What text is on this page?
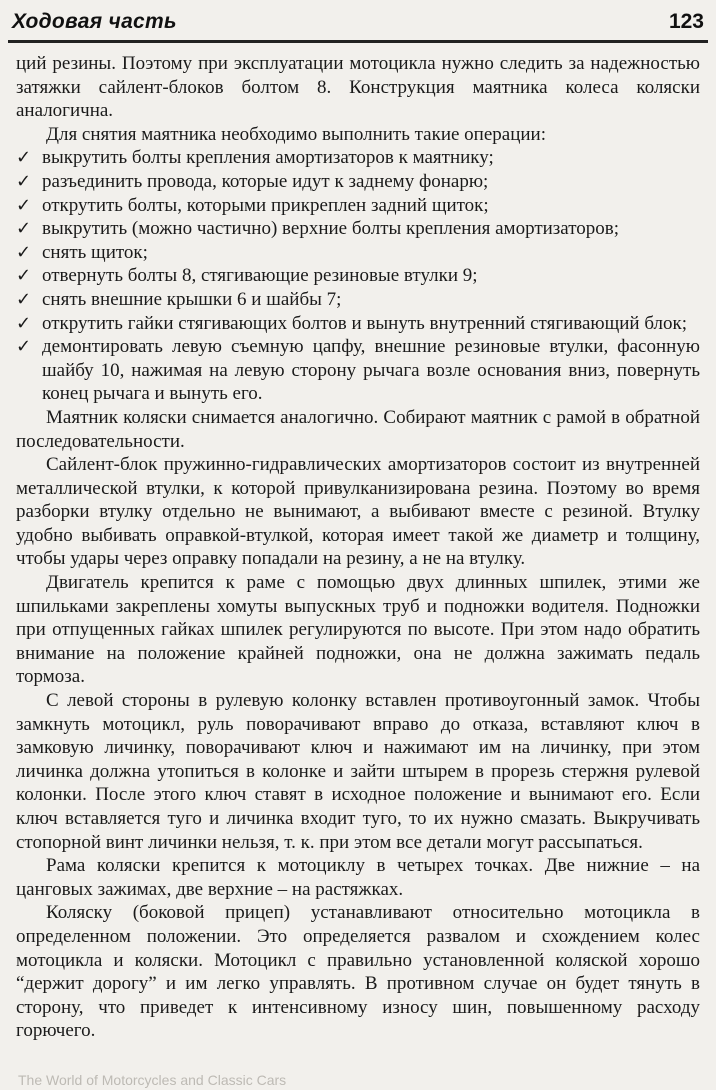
Ходовая часть	123

ций резины. Поэтому при эксплуатации мотоцикла нужно следить за надежностью затяжки сайлент-блоков болтом 8. Конструкция маятника колеса коляски аналогична.

Для снятия маятника необходимо выполнить такие операции:

✓ выкрутить болты крепления амортизаторов к маятнику;
✓ разъединить провода, которые идут к заднему фонарю;
✓ открутить болты, которыми прикреплен задний щиток;
✓ выкрутить (можно частично) верхние болты крепления амортизаторов;
✓ снять щиток;
✓ отвернуть болты 8, стягивающие резиновые втулки 9;
✓ снять внешние крышки 6 и шайбы 7;
✓ открутить гайки стягивающих болтов и вынуть внутренний стягивающий блок;
✓ демонтировать левую съемную цапфу, внешние резиновые втулки, фасонную шайбу 10, нажимая на левую сторону рычага возле основания вниз, повернуть конец рычага и вынуть его.

Маятник коляски снимается аналогично. Собирают маятник с рамой в обратной последовательности.

Сайлент-блок пружинно-гидравлических амортизаторов состоит из внутренней металлической втулки, к которой привулканизирована резина. Поэтому во время разборки втулку отдельно не вынимают, а выбивают вместе с резиной. Втулку удобно выбивать оправкой-втулкой, которая имеет такой же диаметр и толщину, чтобы удары через оправку попадали на резину, а не на втулку.

Двигатель крепится к раме с помощью двух длинных шпилек, этими же шпильками закреплены хомуты выпускных труб и подножки водителя. Подножки при отпущенных гайках шпилек регулируются по высоте. При этом надо обратить внимание на положение крайней подножки, она не должна зажимать педаль тормоза.

С левой стороны в рулевую колонку вставлен противоугонный замок. Чтобы замкнуть мотоцикл, руль поворачивают вправо до отказа, вставляют ключ в замковую личинку, поворачивают ключ и нажимают им на личинку, при этом личинка должна утопиться в колонке и зайти штырем в прорезь стержня рулевой колонки. После этого ключ ставят в исходное положение и вынимают его. Если ключ вставляется туго и личинка входит туго, то их нужно смазать. Выкручивать стопорной винт личинки нельзя, т. к. при этом все детали могут рассыпаться.

Рама коляски крепится к мотоциклу в четырех точках. Две нижние – на цанговых зажимах, две верхние – на растяжках.

Коляску (боковой прицеп) устанавливают относительно мотоцикла в определенном положении. Это определяется развалом и схождением колес мотоцикла и коляски. Мотоцикл с правильно установленной коляской хорошо “держит дорогу” и им легко управлять. В противном случае он будет тянуть в сторону, что приведет к интенсивному износу шин, повышенному расходу горючего.

The World of Motorcycles and Classic Cars
